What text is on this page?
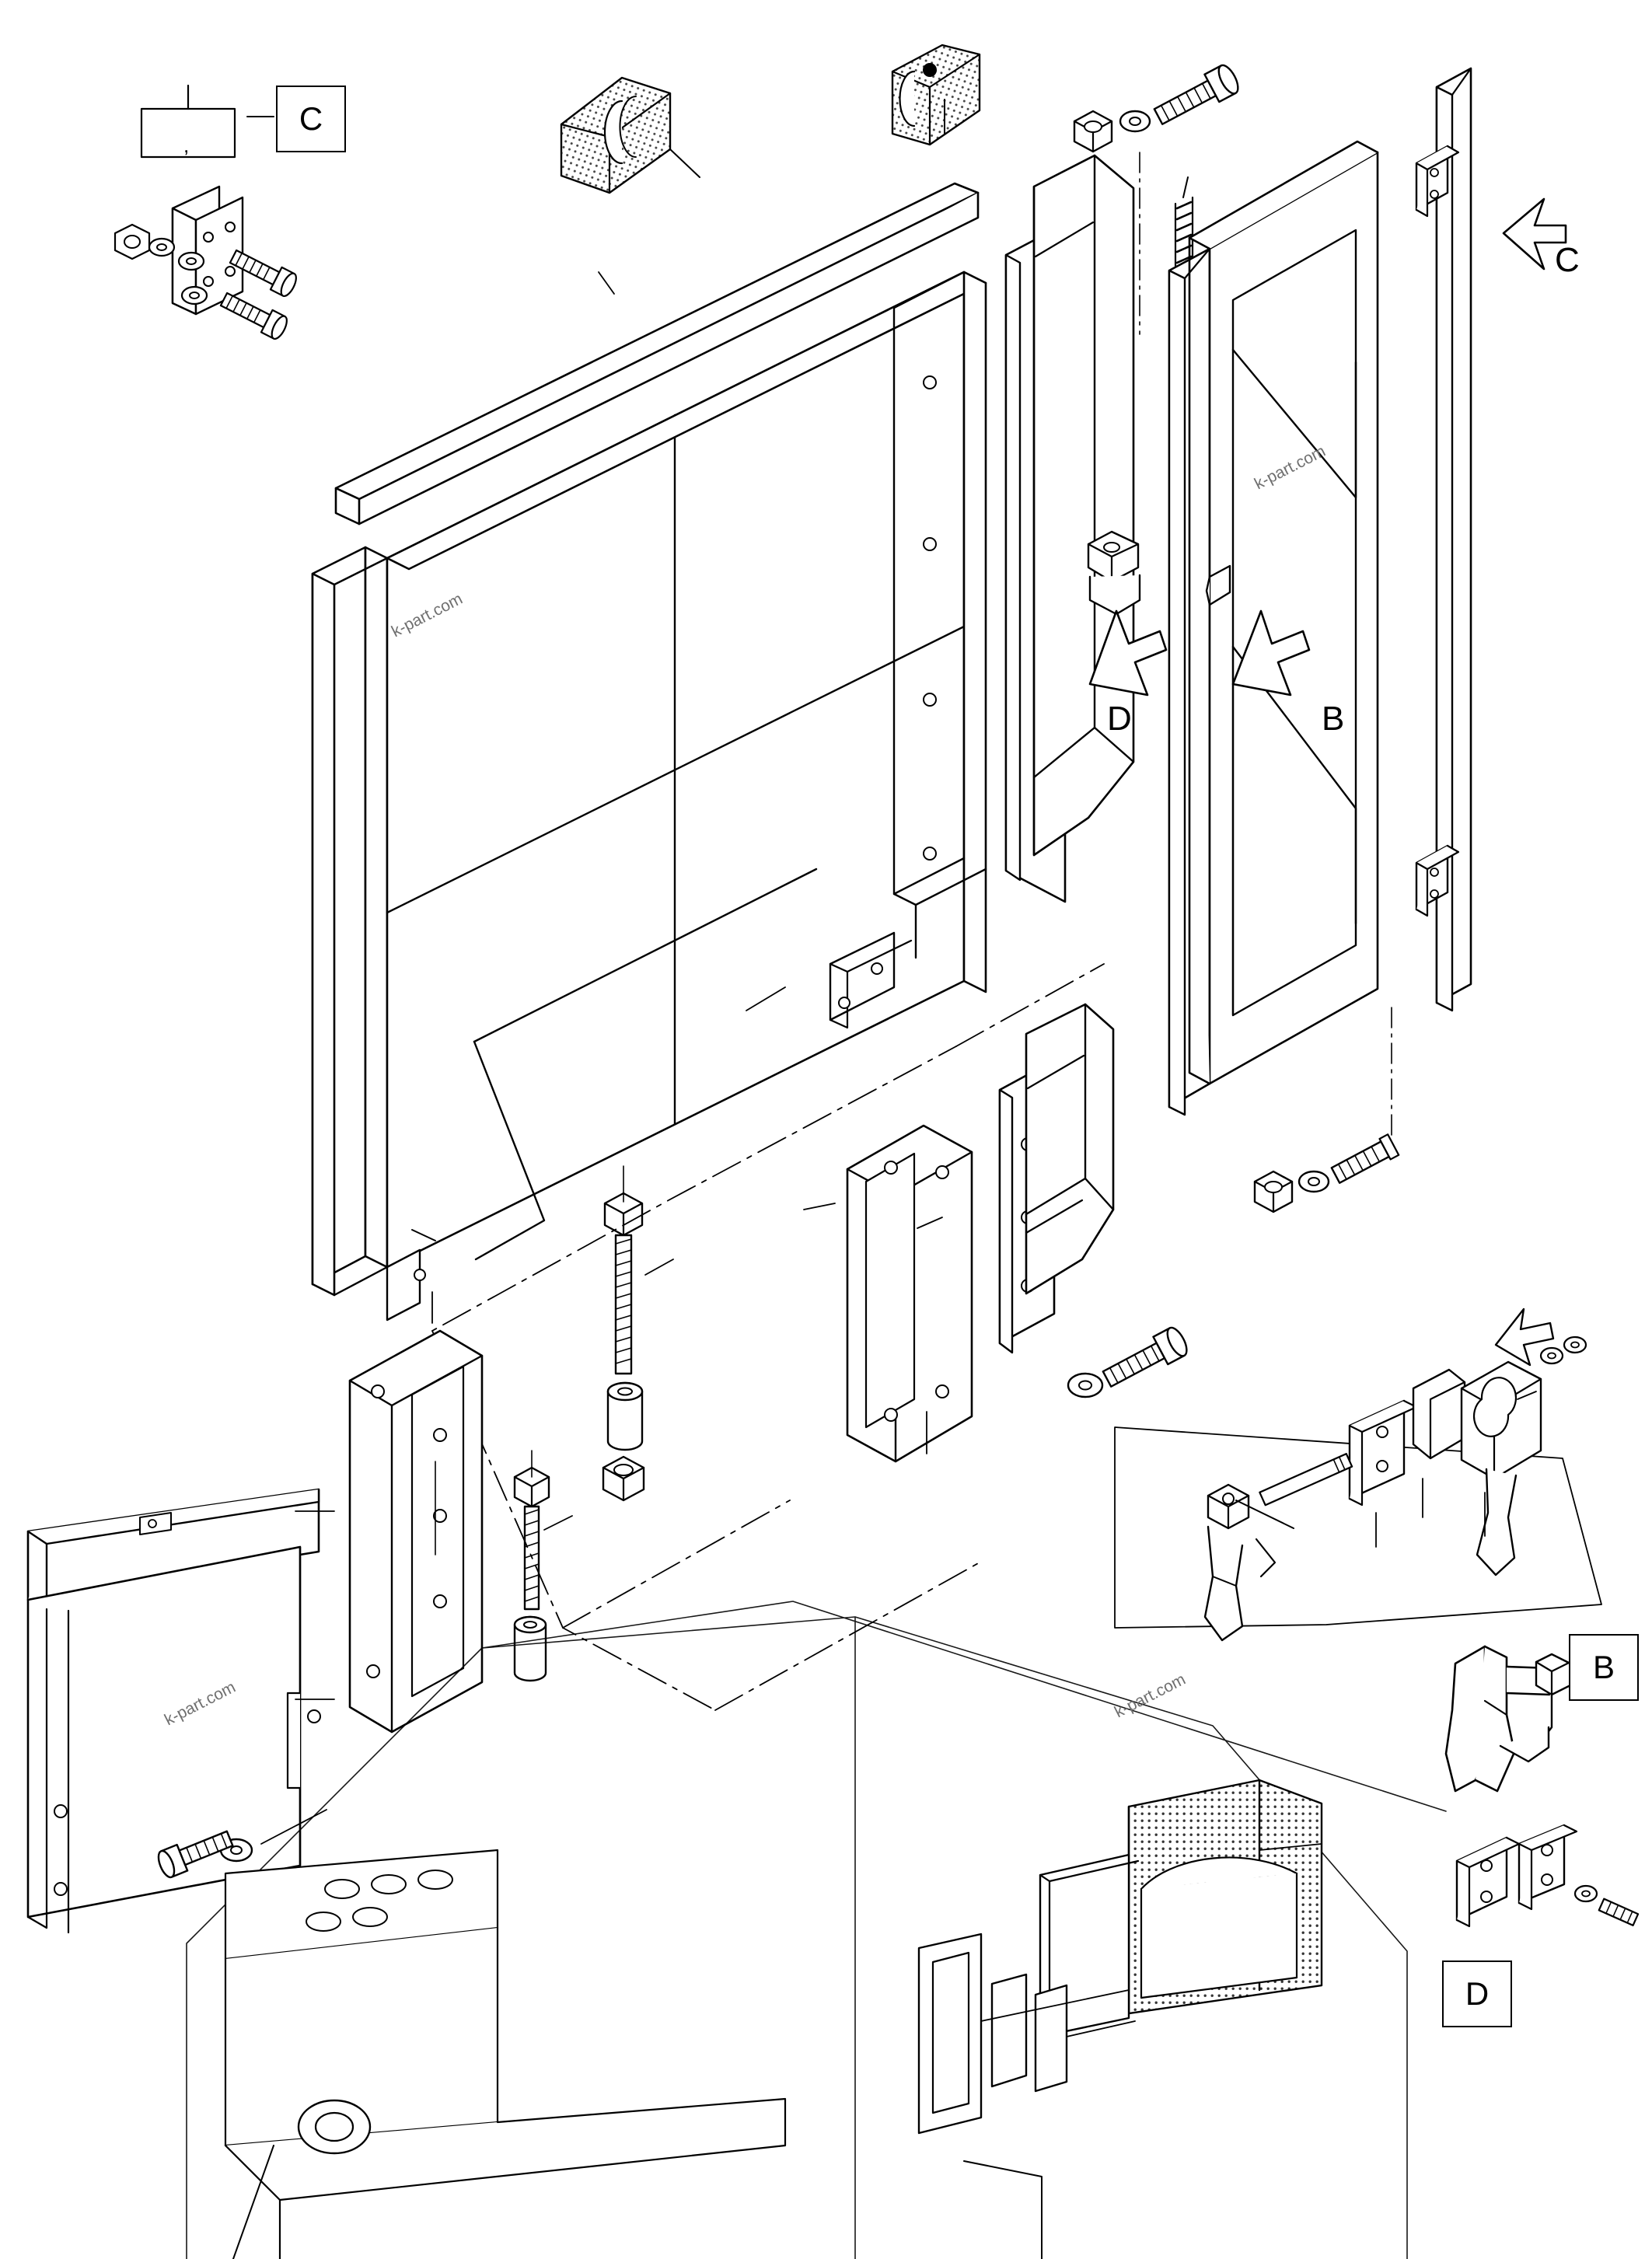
,
C
C
D	B
B
D
k-part.com
k-part.com
k-part.com	k-part.com
